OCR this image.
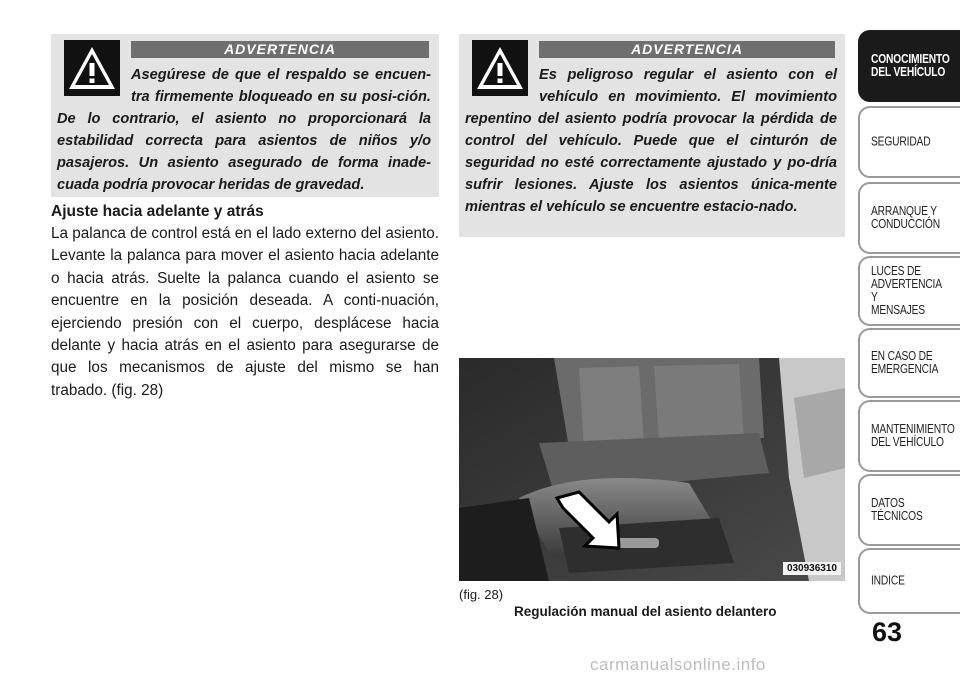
ADVERTENCIA
Asegúrese de que el respaldo se encuen-tra firmemente bloqueado en su posi-ción. De lo contrario, el asiento no proporcionará la estabilidad correcta para asientos de niños y/o pasajeros. Un asiento asegurado de forma inade-cuada podría provocar heridas de gravedad.
ADVERTENCIA
Es peligroso regular el asiento con el vehículo en movimiento. El movimiento repentino del asiento podría provocar la pérdida de control del vehículo. Puede que el cinturón de seguridad no esté correctamente ajustado y po-dría sufrir lesiones. Ajuste los asientos única-mente mientras el vehículo se encuentre estacio-nado.
Ajuste hacia adelante y atrás
La palanca de control está en el lado externo del asiento. Levante la palanca para mover el asiento hacia adelante o hacia atrás. Suelte la palanca cuando el asiento se encuentre en la posición deseada. A conti-nuación, ejerciendo presión con el cuerpo, desplácese hacia delante y hacia atrás en el asiento para asegurarse de que los mecanismos de ajuste del mismo se han trabado. (fig. 28)
030936310
(fig. 28)
Regulación manual del asiento delantero
CONOCIMIENTO
DEL VEHÍCULO
SEGURIDAD
ARRANQUE Y
CONDUCCIÓN
LUCES DE
ADVERTENCIA Y
MENSAJES
EN CASO DE
EMERGENCIA
MANTENIMIENTO
DEL VEHÍCULO
DATOS
TÉCNICOS
INDICE
63
carmanualsonline.info
